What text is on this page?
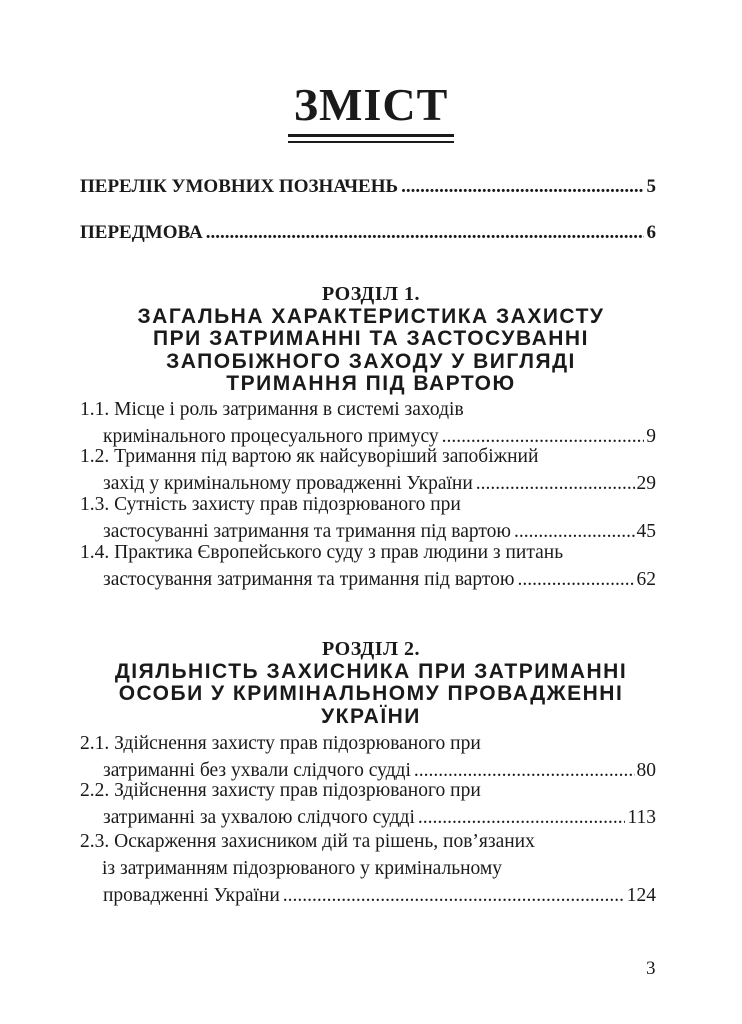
ЗМІСТ
ПЕРЕЛІК УМОВНИХ ПОЗНАЧЕНЬ .....	5
ПЕРЕДМОВА .....	6
РОЗДІЛ 1.
ЗАГАЛЬНА ХАРАКТЕРИСТИКА ЗАХИСТУ
ПРИ ЗАТРИМАННІ ТА ЗАСТОСУВАННІ
ЗАПОБІЖНОГО ЗАХОДУ У ВИГЛЯДІ
ТРИМАННЯ ПІД ВАРТОЮ
1.1. Місце і роль затримання в системі заходів
кримінального процесуального примусу .....	9
1.2. Тримання під вартою як найсуворіший запобіжний
захід у кримінальному провадженні України .....	29
1.3. Сутність захисту прав підозрюваного при
застосуванні затримання та тримання під вартою .....	45
1.4. Практика Європейського суду з прав людини з питань
застосування затримання та тримання під вартою .....	62
РОЗДІЛ 2.
ДІЯЛЬНІСТЬ ЗАХИСНИКА ПРИ ЗАТРИМАННІ
ОСОБИ У КРИМІНАЛЬНОМУ ПРОВАДЖЕННІ
УКРАЇНИ
2.1. Здійснення захисту прав підозрюваного при
затриманні без ухвали слідчого судді .....	80
2.2. Здійснення захисту прав підозрюваного при
затриманні за ухвалою слідчого судді .....	113
2.3. Оскарження захисником дій та рішень, пов’язаних
із затриманням підозрюваного у кримінальному
провадженні України .....	124
3
